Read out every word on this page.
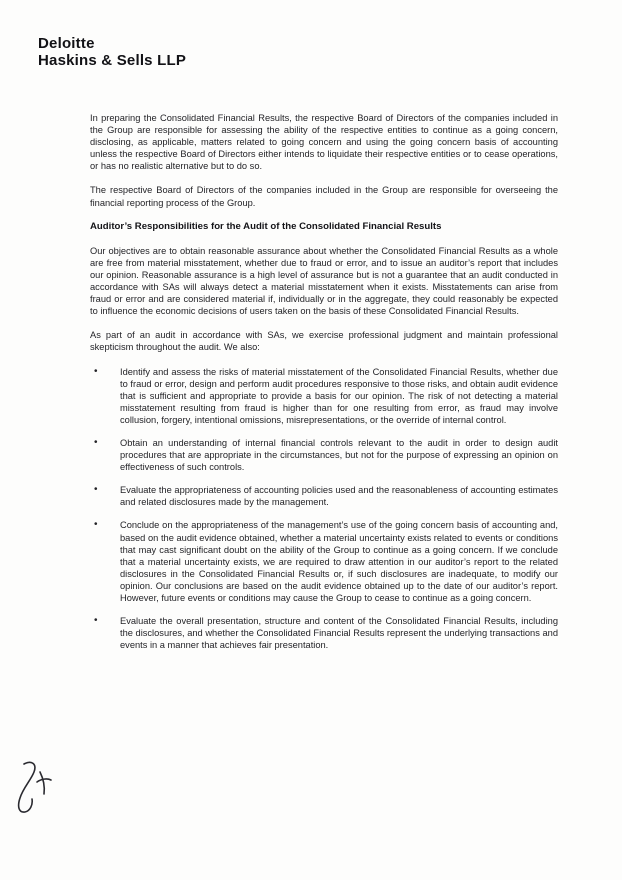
Deloitte
Haskins & Sells LLP

In preparing the Consolidated Financial Results, the respective Board of Directors of the companies included in the Group are responsible for assessing the ability of the respective entities to continue as a going concern, disclosing, as applicable, matters related to going concern and using the going concern basis of accounting unless the respective Board of Directors either intends to liquidate their respective entities or to cease operations, or has no realistic alternative but to do so.

The respective Board of Directors of the companies included in the Group are responsible for overseeing the financial reporting process of the Group.

Auditor’s Responsibilities for the Audit of the Consolidated Financial Results

Our objectives are to obtain reasonable assurance about whether the Consolidated Financial Results as a whole are free from material misstatement, whether due to fraud or error, and to issue an auditor’s report that includes our opinion. Reasonable assurance is a high level of assurance but is not a guarantee that an audit conducted in accordance with SAs will always detect a material misstatement when it exists. Misstatements can arise from fraud or error and are considered material if, individually or in the aggregate, they could reasonably be expected to influence the economic decisions of users taken on the basis of these Consolidated Financial Results.

As part of an audit in accordance with SAs, we exercise professional judgment and maintain professional skepticism throughout the audit. We also:

•	Identify and assess the risks of material misstatement of the Consolidated Financial Results, whether due to fraud or error, design and perform audit procedures responsive to those risks, and obtain audit evidence that is sufficient and appropriate to provide a basis for our opinion. The risk of not detecting a material misstatement resulting from fraud is higher than for one resulting from error, as fraud may involve collusion, forgery, intentional omissions, misrepresentations, or the override of internal control.
•	Obtain an understanding of internal financial controls relevant to the audit in order to design audit procedures that are appropriate in the circumstances, but not for the purpose of expressing an opinion on effectiveness of such controls.
•	Evaluate the appropriateness of accounting policies used and the reasonableness of accounting estimates and related disclosures made by the management.
•	Conclude on the appropriateness of the management’s use of the going concern basis of accounting and, based on the audit evidence obtained, whether a material uncertainty exists related to events or conditions that may cast significant doubt on the ability of the Group to continue as a going concern. If we conclude that a material uncertainty exists, we are required to draw attention in our auditor’s report to the related disclosures in the Consolidated Financial Results or, if such disclosures are inadequate, to modify our opinion. Our conclusions are based on the audit evidence obtained up to the date of our auditor’s report. However, future events or conditions may cause the Group to cease to continue as a going concern.
•	Evaluate the overall presentation, structure and content of the Consolidated Financial Results, including the disclosures, and whether the Consolidated Financial Results represent the underlying transactions and events in a manner that achieves fair presentation.
